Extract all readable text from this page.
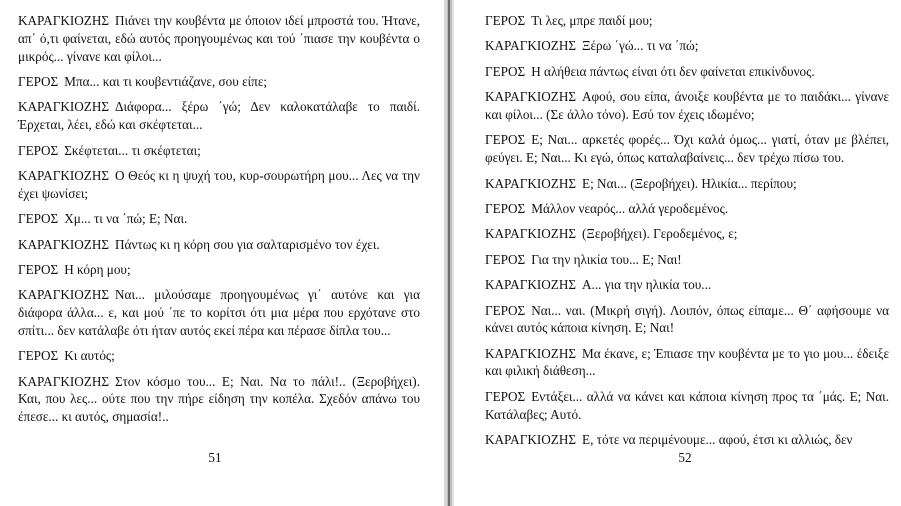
ΚΑΡΑΓΚΙΟΖΗΣ Πιάνει την κουβέντα με όποιον ιδεί μπροστά του. Ήτανε, απ΄ ό,τι φαίνεται, εδώ αυτός προηγουμένως και τού ΄πιασε την κουβέντα ο μικρός... γίνανε και φίλοι...

ΓΕΡΟΣ Μπα... και τι κουβεντιάζανε, σου είπε;

ΚΑΡΑΓΚΙΟΖΗΣ Διάφορα... ξέρω ΄γώ; Δεν καλοκατάλαβε το παιδί. Έρχεται, λέει, εδώ και σκέφτεται...

ΓΕΡΟΣ Σκέφτεται... τι σκέφτεται;

ΚΑΡΑΓΚΙΟΖΗΣ Ο Θεός κι η ψυχή του, κυρ-σουρωτήρη μου... Λες να την έχει ψωνίσει;

ΓΕΡΟΣ Χμ... τι να ΄πώ; Ε; Ναι.

ΚΑΡΑΓΚΙΟΖΗΣ Πάντως κι η κόρη σου για σαλταρισμένο τον έχει.

ΓΕΡΟΣ Η κόρη μου;

ΚΑΡΑΓΚΙΟΖΗΣ Ναι... μιλούσαμε προηγουμένως γι΄ αυτόνε και για διάφορα άλλα... ε, και μού ΄πε το κορίτσι ότι μια μέρα που ερχότανε στο σπίτι... δεν κατάλαβε ότι ήταν αυτός εκεί πέρα και πέρασε δίπλα του...

ΓΕΡΟΣ Κι αυτός;

ΚΑΡΑΓΚΙΟΖΗΣ Στον κόσμο του... Ε; Ναι. Να το πάλι!.. (Ξεροβήχει). Και, που λες... ούτε που την πήρε είδηση την κοπέλα. Σχεδόν απάνω του έπεσε... κι αυτός, σημασία!..

51

ΓΕΡΟΣ Τι λες, μπρε παιδί μου;

ΚΑΡΑΓΚΙΟΖΗΣ Ξέρω ΄γώ... τι να ΄πώ;

ΓΕΡΟΣ Η αλήθεια πάντως είναι ότι δεν φαίνεται επικίνδυνος.

ΚΑΡΑΓΚΙΟΖΗΣ Αφού, σου είπα, άνοιξε κουβέντα με το παιδάκι... γίνανε και φίλοι... (Σε άλλο τόνο). Εσύ τον έχεις ιδωμένο;

ΓΕΡΟΣ Ε; Ναι... αρκετές φορές... Όχι καλά όμως... γιατί, όταν με βλέπει, φεύγει. Ε; Ναι... Κι εγώ, όπως καταλαβαίνεις... δεν τρέχω πίσω του.

ΚΑΡΑΓΚΙΟΖΗΣ Ε; Ναι... (Ξεροβήχει). Ηλικία... περίπου;

ΓΕΡΟΣ Μάλλον νεαρός... αλλά γεροδεμένος.

ΚΑΡΑΓΚΙΟΖΗΣ (Ξεροβήχει). Γεροδεμένος, ε;

ΓΕΡΟΣ Για την ηλικία του... Ε; Ναι!

ΚΑΡΑΓΚΙΟΖΗΣ Α... για την ηλικία του...

ΓΕΡΟΣ Ναι... ναι. (Μικρή σιγή). Λοιπόν, όπως είπαμε... Θ΄ αφήσουμε να κάνει αυτός κάποια κίνηση. Ε; Ναι!

ΚΑΡΑΓΚΙΟΖΗΣ Μα έκανε, ε; Έπιασε την κουβέντα με το γιο μου... έδειξε και φιλική διάθεση...

ΓΕΡΟΣ Εντάξει... αλλά να κάνει και κάποια κίνηση προς τα ΄μάς. Ε; Ναι. Κατάλαβες; Αυτό.

ΚΑΡΑΓΚΙΟΖΗΣ Ε, τότε να περιμένουμε... αφού, έτσι κι αλλιώς, δεν

52
